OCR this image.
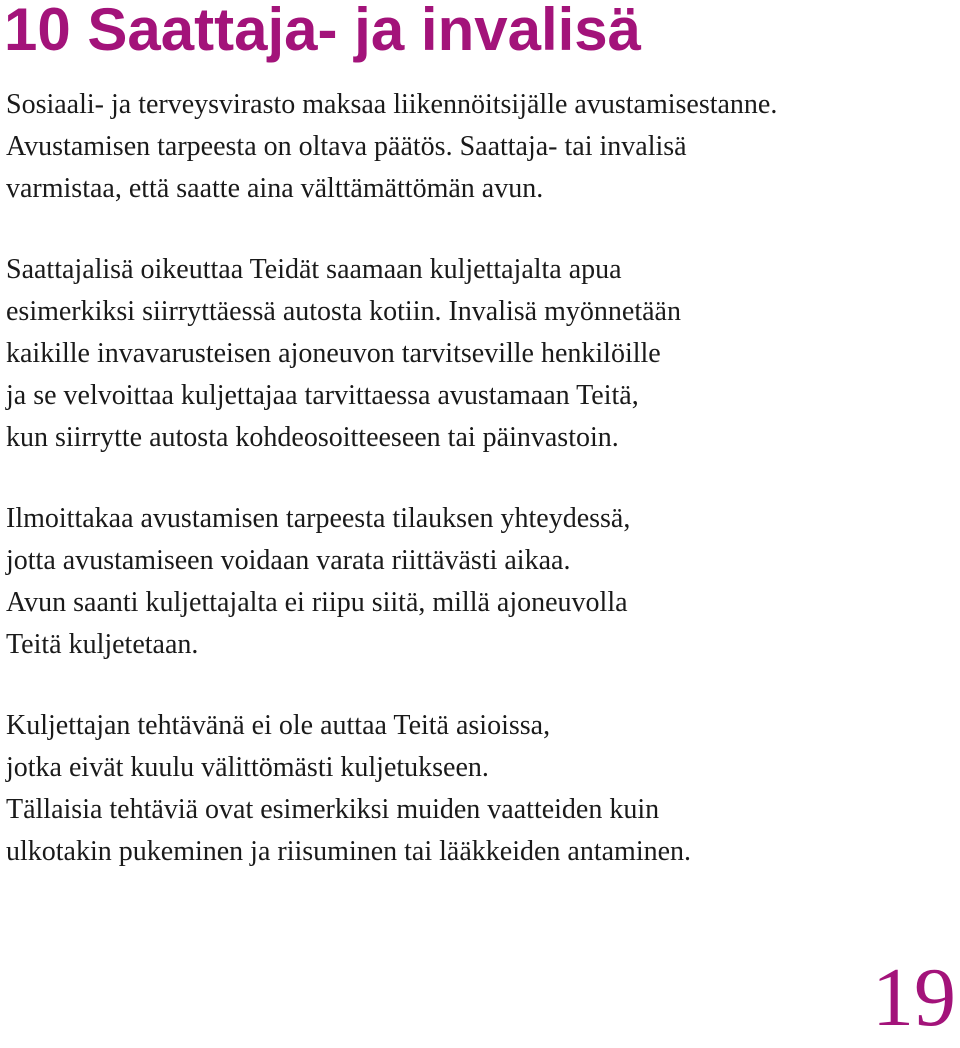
10 Saattaja- ja invalisä
Sosiaali- ja terveysvirasto maksaa liikennöitsijälle avustamisestanne.
Avustamisen tarpeesta on oltava päätös. Saattaja- tai invalisä
varmistaa, että saatte aina välttämättömän avun.
Saattajalisä oikeuttaa Teidät saamaan kuljettajalta apua
esimerkiksi siirryttäessä autosta kotiin. Invalisä myönnetään
kaikille invavarusteisen ajoneuvon tarvitseville henkilöille
ja se velvoittaa kuljettajaa tarvittaessa avustamaan Teitä,
kun siirrytte autosta kohdeosoitteeseen tai päinvastoin.
Ilmoittakaa avustamisen tarpeesta tilauksen yhteydessä,
jotta avustamiseen voidaan varata riittävästi aikaa.
Avun saanti kuljettajalta ei riipu siitä, millä ajoneuvolla
Teitä kuljetetaan.
Kuljettajan tehtävänä ei ole auttaa Teitä asioissa,
jotka eivät kuulu välittömästi kuljetukseen.
Tällaisia tehtäviä ovat esimerkiksi muiden vaatteiden kuin
ulkotakin pukeminen ja riisuminen tai lääkkeiden antaminen.
19
